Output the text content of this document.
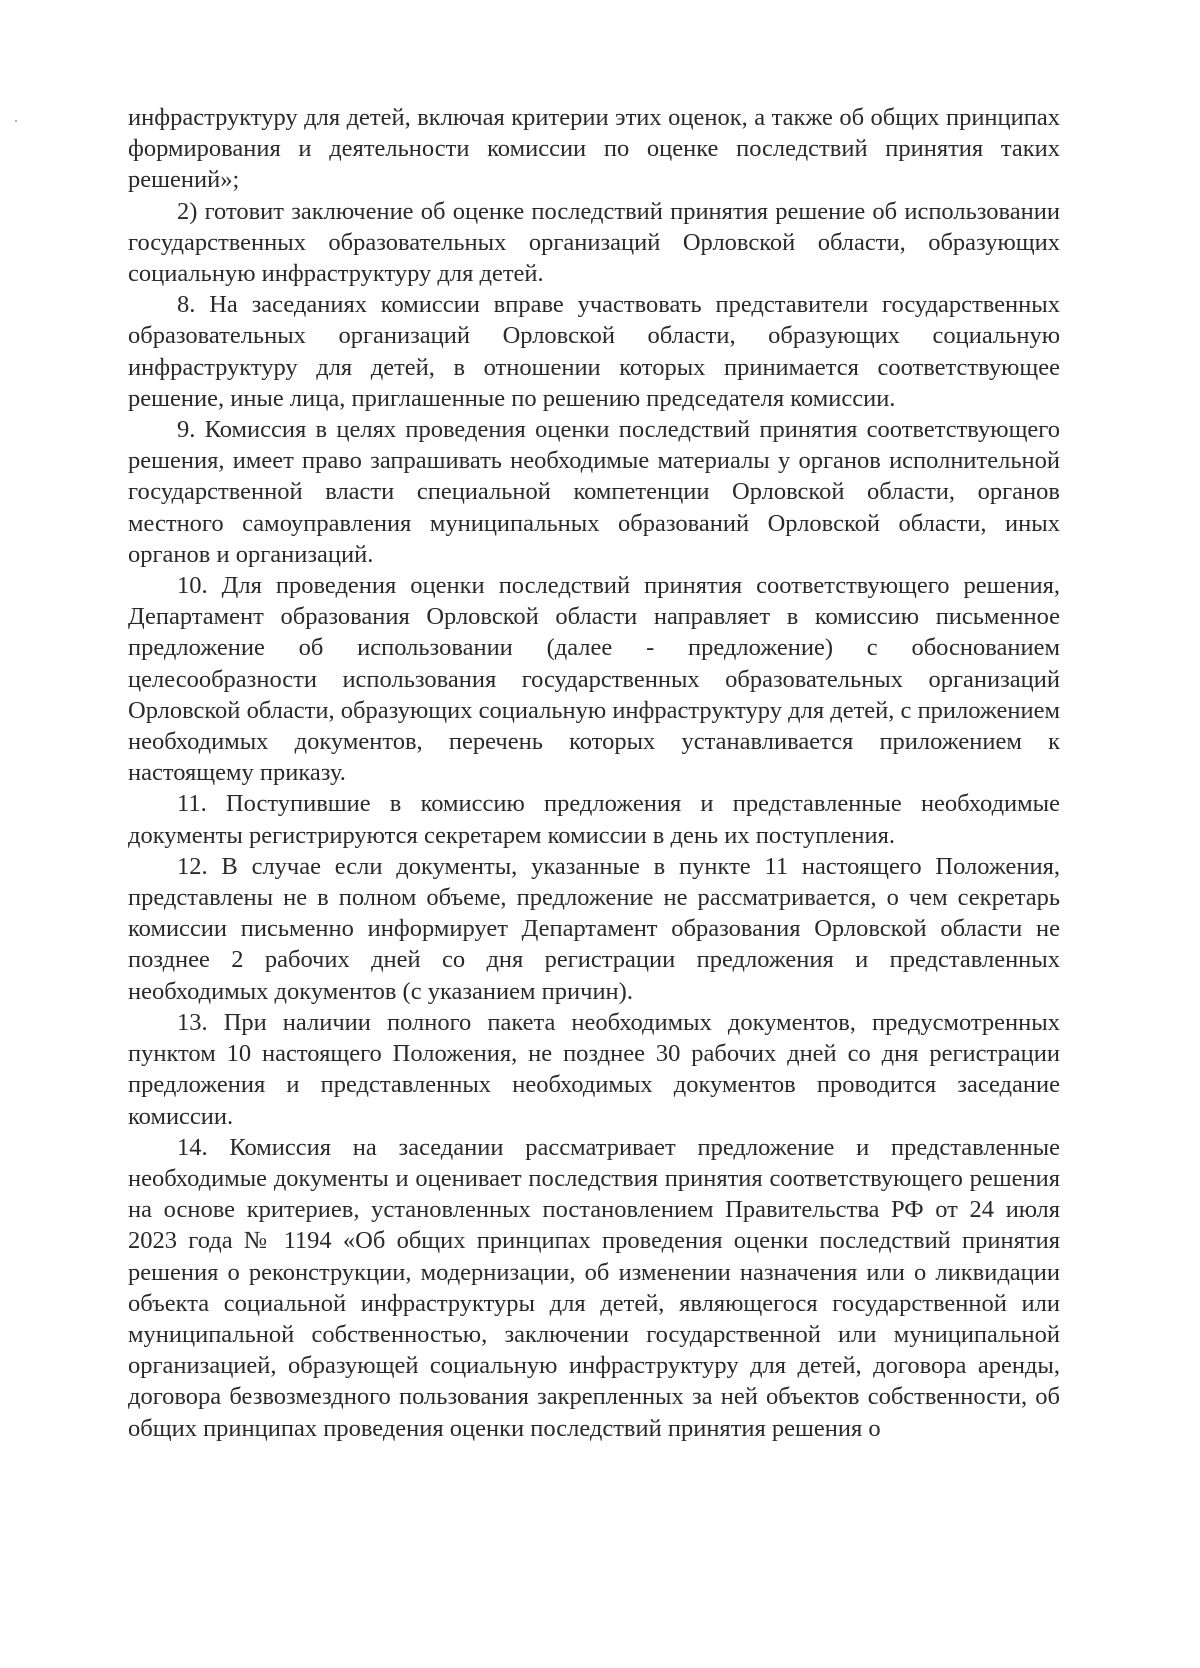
инфраструктуру для детей, включая критерии этих оценок, а также об общих принципах формирования и деятельности комиссии по оценке последствий принятия таких решений»;

2) готовит заключение об оценке последствий принятия решение об использовании государственных образовательных организаций Орловской области, образующих социальную инфраструктуру для детей.

8. На заседаниях комиссии вправе участвовать представители государственных образовательных организаций Орловской области, образующих социальную инфраструктуру для детей, в отношении которых принимается соответствующее решение, иные лица, приглашенные по решению председателя комиссии.

9. Комиссия в целях проведения оценки последствий принятия соответствующего решения, имеет право запрашивать необходимые материалы у органов исполнительной государственной власти специальной компетенции Орловской области, органов местного самоуправления муниципальных образований Орловской области, иных органов и организаций.

10. Для проведения оценки последствий принятия соответствующего решения, Департамент образования Орловской области направляет в комиссию письменное предложение об использовании (далее - предложение) с обоснованием целесообразности использования государственных образовательных организаций Орловской области, образующих социальную инфраструктуру для детей, с приложением необходимых документов, перечень которых устанавливается приложением к настоящему приказу.

11. Поступившие в комиссию предложения и представленные необходимые документы регистрируются секретарем комиссии в день их поступления.

12. В случае если документы, указанные в пункте 11 настоящего Положения, представлены не в полном объеме, предложение не рассматривается, о чем секретарь комиссии письменно информирует Департамент образования Орловской области не позднее 2 рабочих дней со дня регистрации предложения и представленных необходимых документов (с указанием причин).

13. При наличии полного пакета необходимых документов, предусмотренных пунктом 10 настоящего Положения, не позднее 30 рабочих дней со дня регистрации предложения и представленных необходимых документов проводится заседание комиссии.

14. Комиссия на заседании рассматривает предложение и представленные необходимые документы и оценивает последствия принятия соответствующего решения на основе критериев, установленных постановлением Правительства РФ от 24 июля 2023 года № 1194 «Об общих принципах проведения оценки последствий принятия решения о реконструкции, модернизации, об изменении назначения или о ликвидации объекта социальной инфраструктуры для детей, являющегося государственной или муниципальной собственностью, заключении государственной или муниципальной организацией, образующей социальную инфраструктуру для детей, договора аренды, договора безвозмездного пользования закрепленных за ней объектов собственности, об общих принципах проведения оценки последствий принятия решения о
